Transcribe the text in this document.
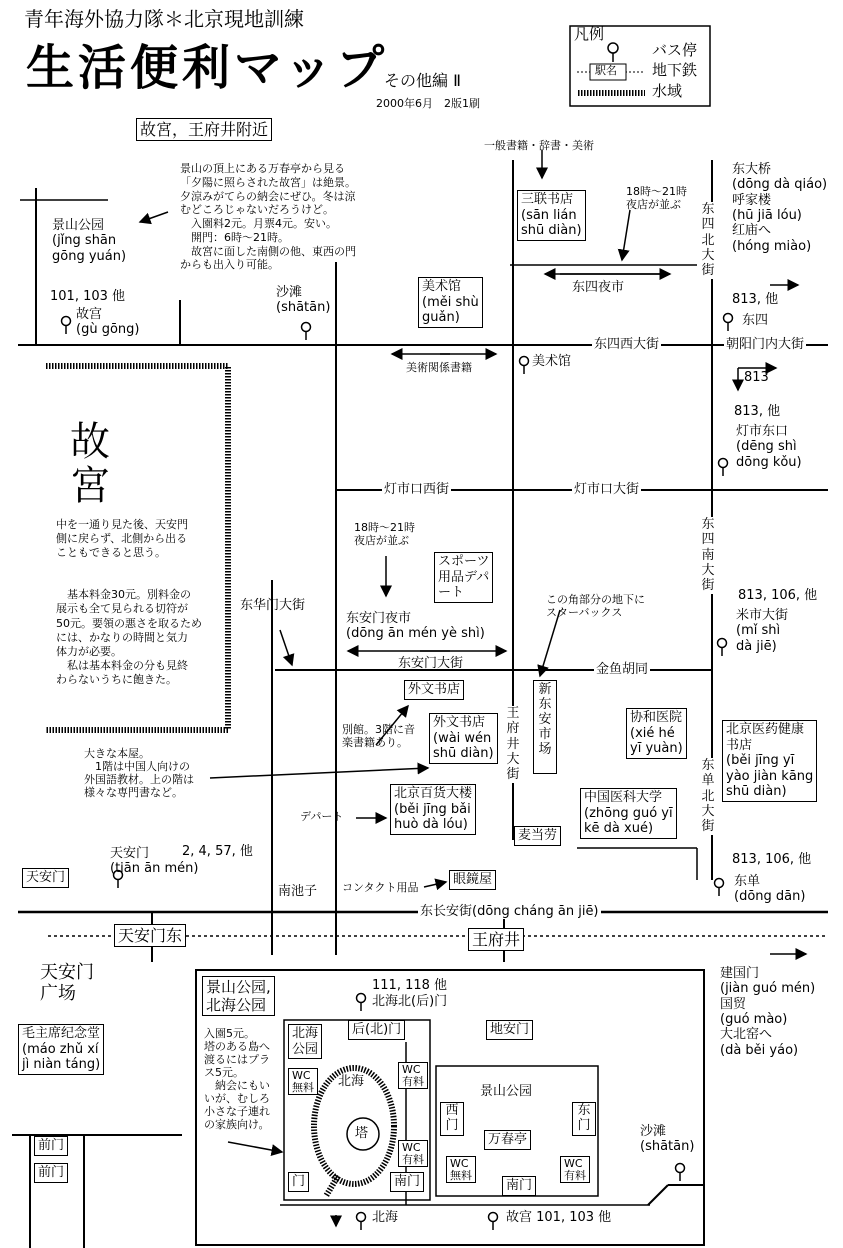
青年海外協力隊＊北京現地訓練
生活便利マップ
その他編 Ⅱ
2000年6月　2版1刷
凡例
バス停
駅名 地下鉄
水域
故宮，王府井附近
东四西大街	朝阳门内大街
东四夜市
灯市口西街	灯市口大街
东华门大街
东安门大街	金鱼胡同
东长安街(dōng cháng ān jiē)
东
四
北
大
街
东
四
南
大
街
东
单
北
大
街
王
府
井
大
街
景山公园
(jǐng shān
gōng yuán)
景山の頂上にある万春亭から見る
「夕陽に照らされた故宮」は絶景。
夕涼みがてらの納会にぜひ。冬は涼
むどころじゃないだろうけど。
　入園料2元。月票4元。安い。
　開門：6時～21時。
　故宮に面した南側の他、東西の門
からも出入り可能。
101, 103 他
故宫
(gù gōng)
沙滩
(shātān)
美术馆
(měi shù
guǎn)
美术馆
美術関係書籍
三联书店
(sān lián
shū diàn)
一般書籍・辞書・美術
18時～21時
夜店が並ぶ
东大桥
(dōng dà qiáo)
呼家楼
(hū jiā lóu)
红庙へ
(hóng miào)
813, 他
东四
813
813, 他
灯市东口
(dēng shì
dōng kǒu)
故
宮
中を一通り見た後、天安門
側に戻らず、北側から出る
こともできると思う。

　基本料金30元。別料金の
展示も全て見られる切符が
50元。要領の悪さを取るため
には、かなりの時間と気力
体力が必要。
　私は基本料金の分も見終
わらないうちに飽きた。
18時～21時
夜店が並ぶ
スポーツ
用品デパ
ート	この角部分の地下に
スターバックス
东安门夜市
(dōng ān mén yè shì)
813, 106, 他
米市大街
(mǐ shì
dà jiē)
外文书店	新东安市场
协和医院
(xié hé
yī yuàn)
外文书店
(wài wén
shū diàn)
別館。3階に音
楽書籍あり。
大きな本屋。
　1階は中国人向けの
外国語教材。上の階は
様々な専門書など。	北京百货大楼
(běi jīng bǎi
huò dà lóu)
デパート
中国医科大学
(zhōng guó yī
kē dà xué)
北京医药健康
书店
(běi jīng yī
yào jiàn kāng
shū diàn)
麦当劳
2, 4, 57, 他
天安门
(tiān ān mén)
天安门
南池子 コンタクト用品
眼鏡屋
813, 106, 他
东单
(dōng dān)
天安门东	王府井
天安门
广场
毛主席纪念堂
(máo zhǔ xí
jì niàn táng)
前门
前门
建国门
(jiàn guó mén)
国贸
(guó mào)
大北窑へ
(dà běi yáo)
景山公园,
北海公园
111, 118 他
北海北(后)门
北海
公园
后(北)门
入園5元。
塔のある島へ
渡るにはプラ
ス5元。
　納会にもい
いが、むしろ
小さな子連れ
の家族向け。
WC
無料
WC
有料
WC
有料
北海
塔
门	南门
地安门
景山公园
西门
东门
万春亭
WC
無料
WC
有料
南门
沙滩
(shātān)
北海	故宫 101, 103 他
